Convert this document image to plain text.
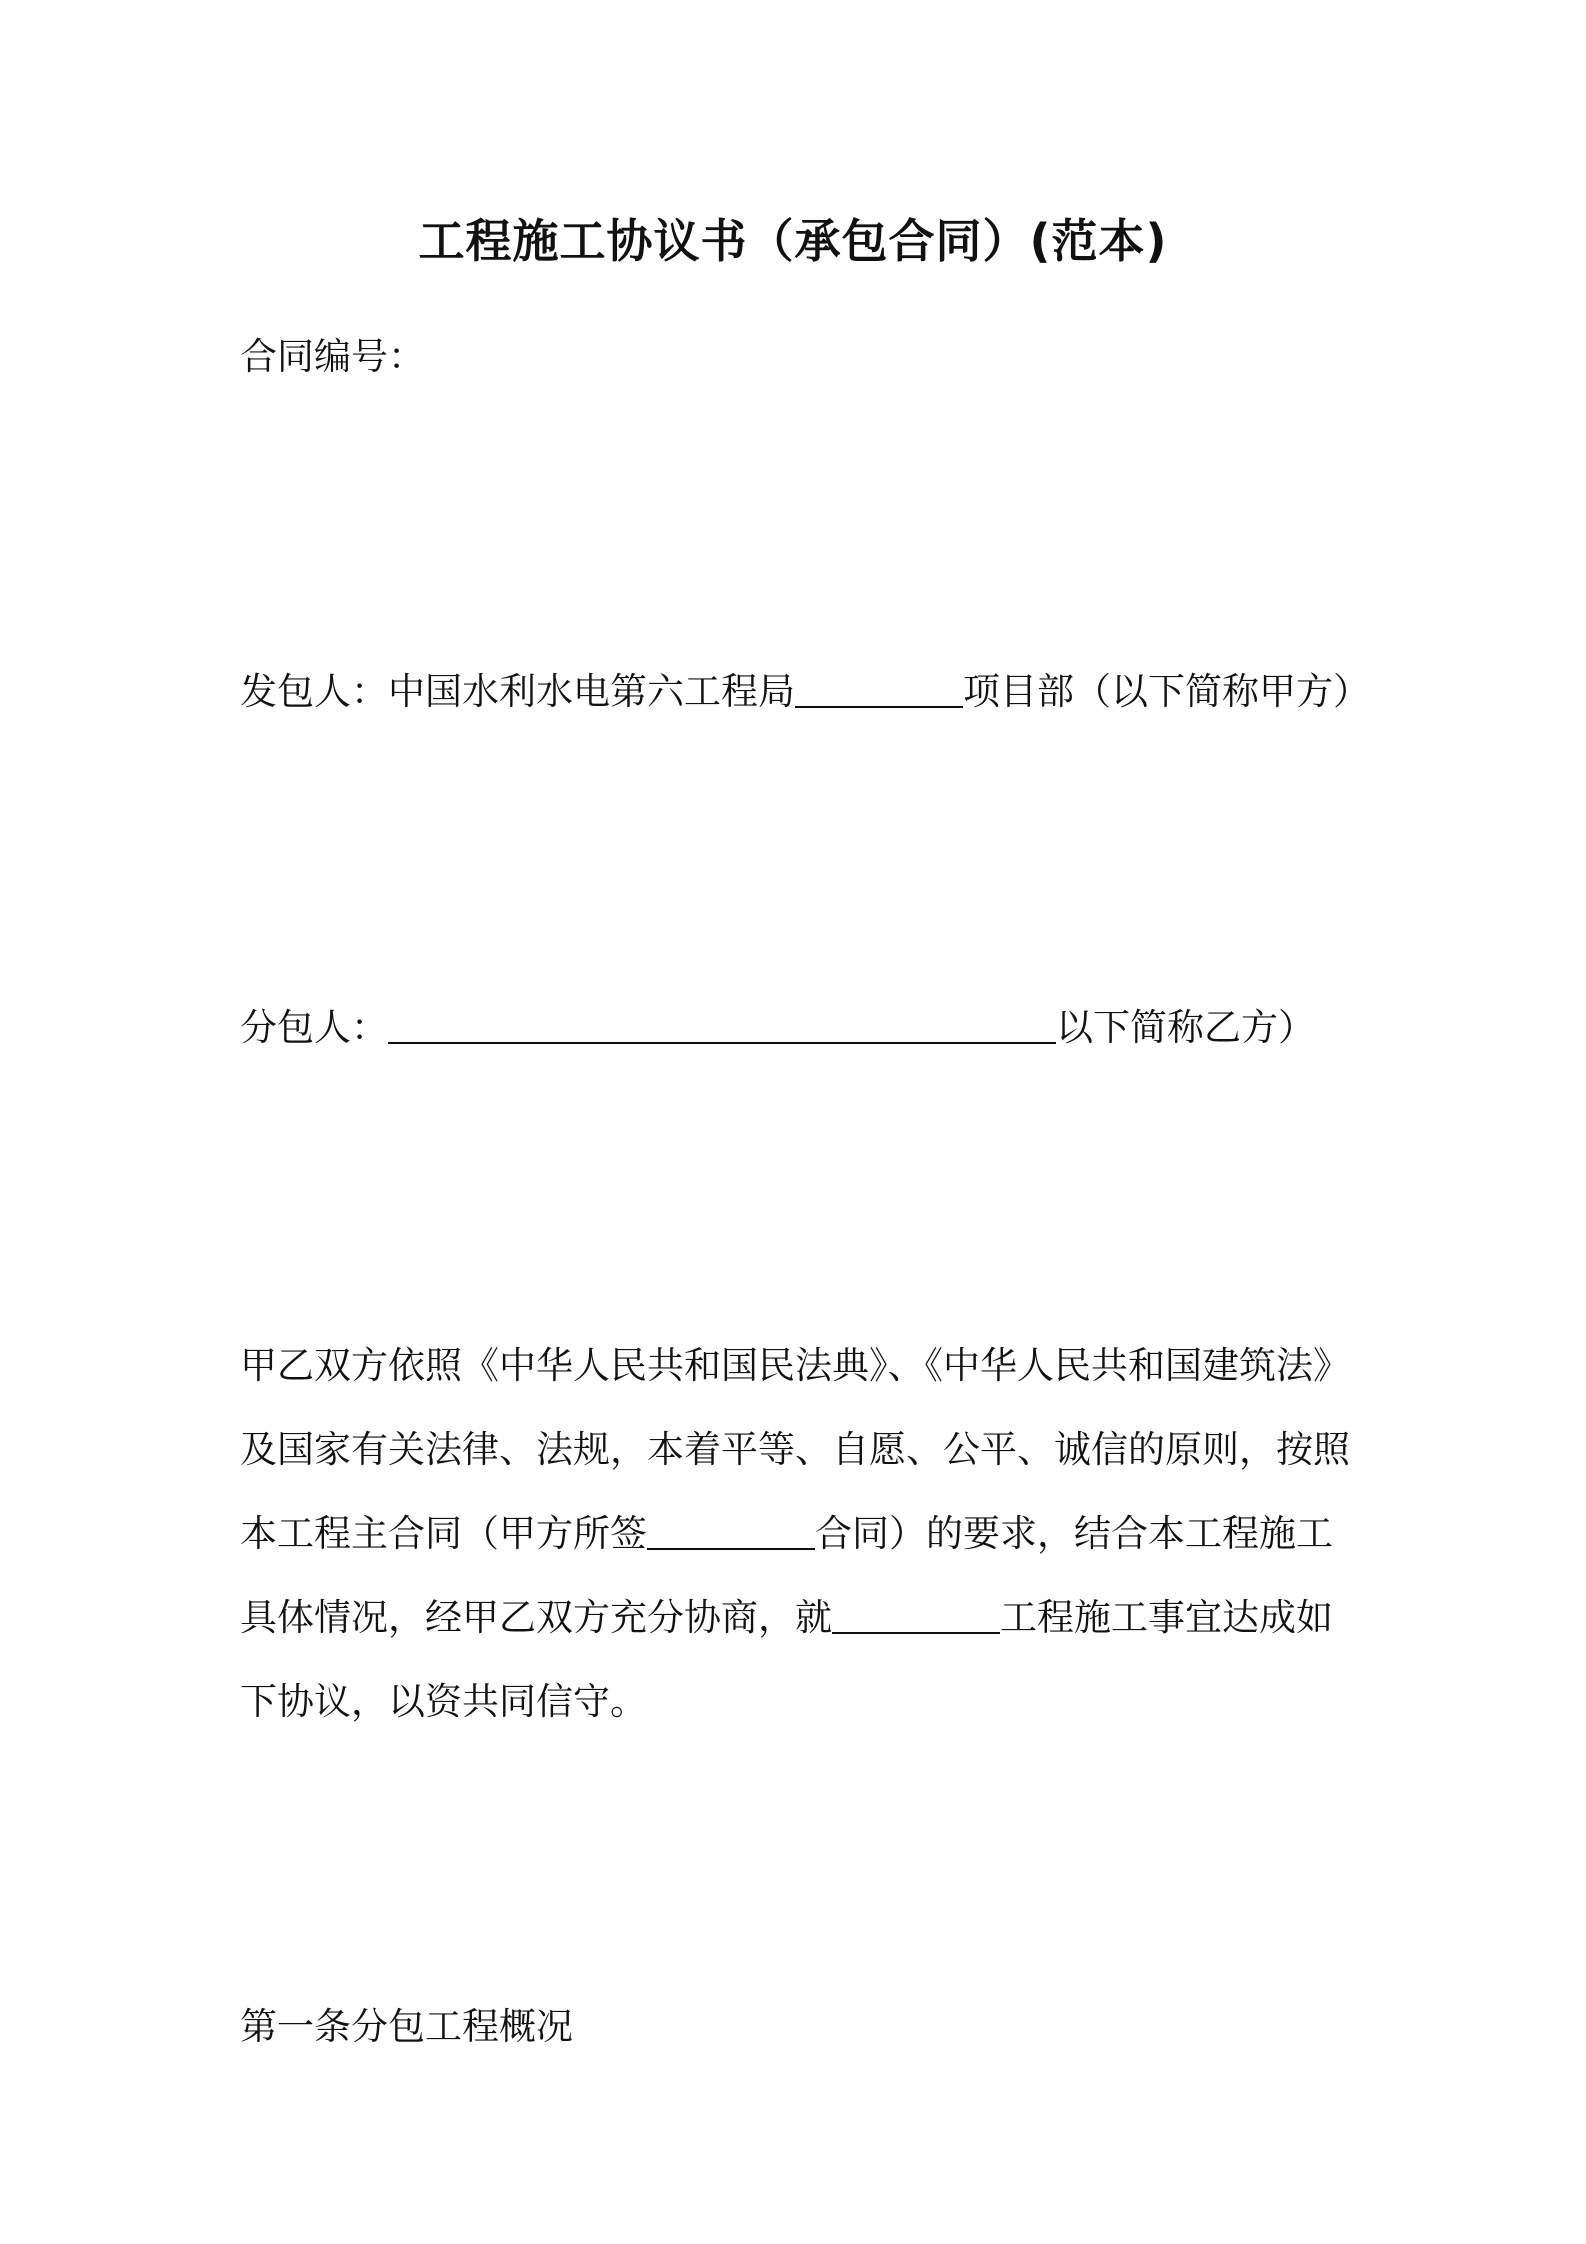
工程施工协议书（承包合同）(范本)
合同编号：
发包人：中国水利水电第六工程局	项目部（以下简称甲方）
分包人：	以下简称乙方）
甲乙双方依照《中华人民共和国民法典》、《中华人民共和国建筑法》
及国家有关法律、法规，本着平等、自愿、公平、诚信的原则，按照
本工程主合同（甲方所签	合同）的要求，结合本工程施工
具体情况，经甲乙双方充分协商，就	工程施工事宜达成如
下协议，以资共同信守。
第一条分包工程概况
